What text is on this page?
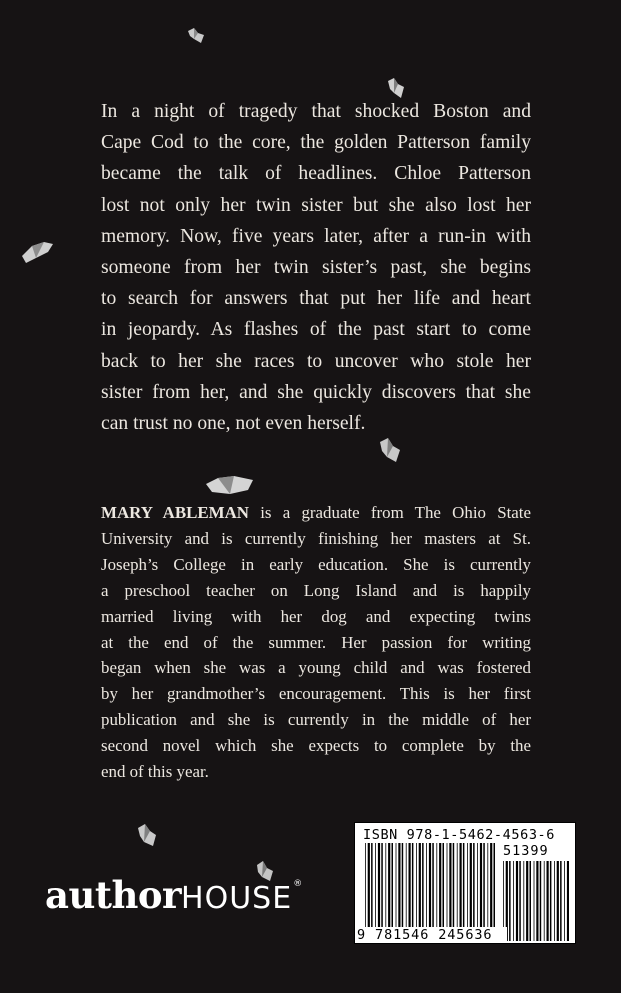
In a night of tragedy that shocked Boston and
Cape Cod to the core, the golden Patterson family
became the talk of headlines. Chloe Patterson
lost not only her twin sister but she also lost her
memory. Now, five years later, after a run-in with
someone from her twin sister’s past, she begins
to search for answers that put her life and heart
in jeopardy. As flashes of the past start to come
back to her she races to uncover who stole her
sister from her, and she quickly discovers that she
can trust no one, not even herself.
MARY ABLEMAN is a graduate from The Ohio State
University and is currently finishing her masters at St.
Joseph’s College in early education. She is currently
a preschool teacher on Long Island and is happily
married living with her dog and expecting twins
at the end of the summer. Her passion for writing
began when she was a young child and was fostered
by her grandmother’s encouragement. This is her first
publication and she is currently in the middle of her
second novel which she expects to complete by the
end of this year.
authorHOUSE®
ISBN 978-1-5462-4563-6
51399
9 781546 245636
